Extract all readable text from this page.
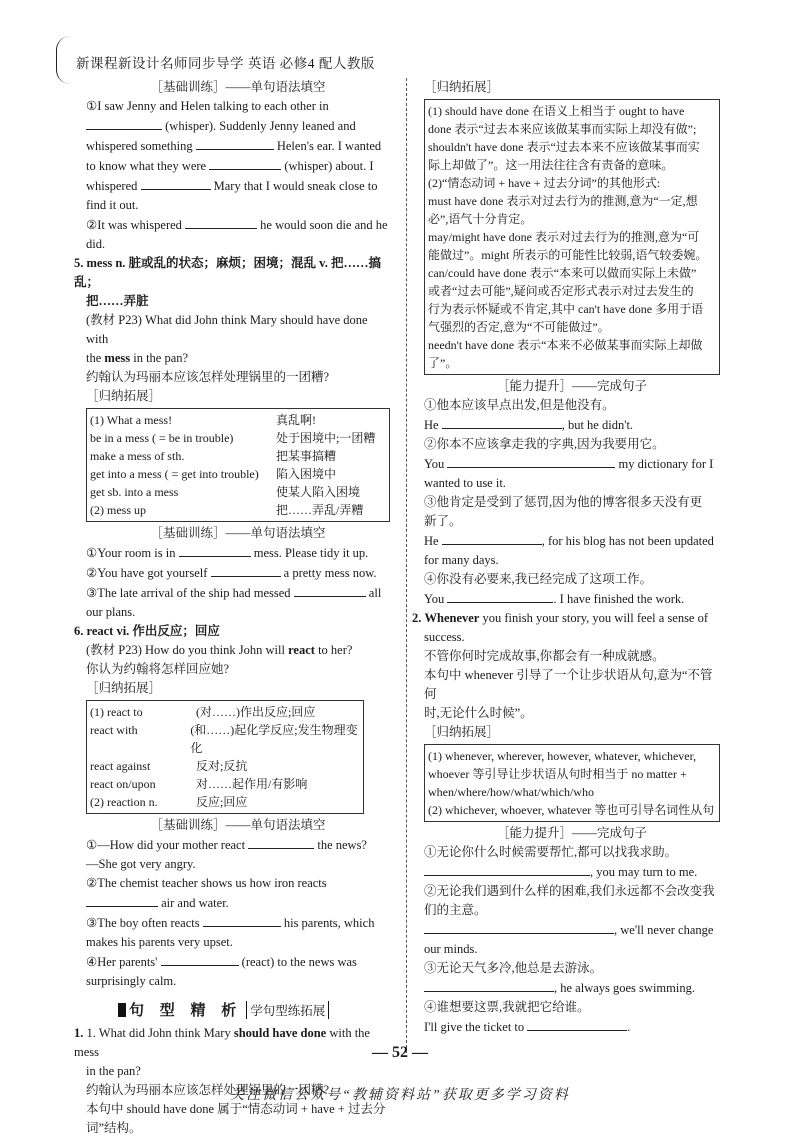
新课程新设计名师同步导学 英语 必修4 配人教版

［基础训练］——单句语法填空

①I saw Jenny and Helen talking to each other in

(whisper). Suddenly Jenny leaned and

whispered something	Helen's ear. I wanted

to know what they were	(whisper) about. I

whispered	Mary that I would sneak close to

find it out.

②It was whispered	he would soon die and he

did.

5. mess n. 脏或乱的状态；麻烦；困境；混乱 v. 把……搞乱；

把……弄脏

(教材 P23) What did John think Mary should have done with

the mess in the pan?

约翰认为玛丽本应该怎样处理锅里的一团糟?

［归纳拓展］

(1) What a mess!	真乱啊!

be in a mess ( = be in trouble)	处于困境中;一团糟

make a mess of sth.	把某事搞糟

get into a mess ( = get into trouble)	陷入困境中

get sb. into a mess	使某人陷入困境

(2) mess up	把……弄乱/弄糟

［基础训练］——单句语法填空

①Your room is in	mess. Please tidy it up.

②You have got yourself	a pretty mess now.

③The late arrival of the ship had messed	all

our plans.

6. react vi. 作出反应；回应

(教材 P23) How do you think John will react to her?

你认为约翰将怎样回应她?

［归纳拓展］

(1) react to	(对……)作出反应;回应

react with	(和……)起化学反应;发生物理变化

react against	反对;反抗

react on/upon	对……起作用/有影响

(2) reaction n.	反应;回应

［基础训练］——单句语法填空

①—How did your mother react	the news?

—She got very angry.

②The chemist teacher shows us how iron reacts

air and water.

③The boy often reacts	his parents, which

makes his parents very upset.

④Her parents'	(react) to the news was

surprisingly calm.

句 型 精 析 学句型练拓展

1. 1. What did John think Mary should have done with the mess

in the pan?

约翰认为玛丽本应该怎样处理锅里的一团糟?

本句中 should have done 属于“情态动词 + have + 过去分

词”结构。

［归纳拓展］

(1) should have done 在语义上相当于 ought to have

done 表示“过去本来应该做某事而实际上却没有做”;

shouldn't have done 表示“过去本来不应该做某事而实

际上却做了”。这一用法往往含有责备的意味。

(2)“情态动词 + have + 过去分词”的其他形式:

must have done 表示对过去行为的推测,意为“一定,想

必”,语气十分肯定。

may/might have done 表示对过去行为的推测,意为“可

能做过”。might 所表示的可能性比较弱,语气较委婉。

can/could have done 表示“本来可以做而实际上未做”

或者“过去可能”,疑问或否定形式表示对过去发生的

行为表示怀疑或不肯定,其中 can't have done 多用于语

气强烈的否定,意为“不可能做过”。

needn't have done 表示“本来不必做某事而实际上却做了”。

［能力提升］——完成句子

①他本应该早点出发,但是他没有。

He	, but he didn't.

②你本不应该拿走我的字典,因为我要用它。

You	my dictionary for I

wanted to use it.

③他肯定是受到了惩罚,因为他的博客很多天没有更

新了。

He	, for his blog has not been updated

for many days.

④你没有必要来,我已经完成了这项工作。

You	. I have finished the work.

2. Whenever you finish your story, you will feel a sense of

success.

不管你何时完成故事,你都会有一种成就感。

本句中 whenever 引导了一个让步状语从句,意为“不管何

时,无论什么时候”。

［归纳拓展］

(1) whenever, wherever, however, whatever, whichever,

whoever 等引导让步状语从句时相当于 no matter +

when/where/how/what/which/who

(2) whichever, whoever, whatever 等也可引导名词性从句

［能力提升］——完成句子

①无论你什么时候需要帮忙,都可以找我求助。

, you may turn to me.

②无论我们遇到什么样的困难,我们永远都不会改变我

们的主意。

, we'll never change

our minds.

③无论天气多冷,他总是去游泳。

, he always goes swimming.

④谁想要这票,我就把它给谁。

I'll give the ticket to	.

— 52 —
关注微信公众号“教辅资料站”获取更多学习资料
